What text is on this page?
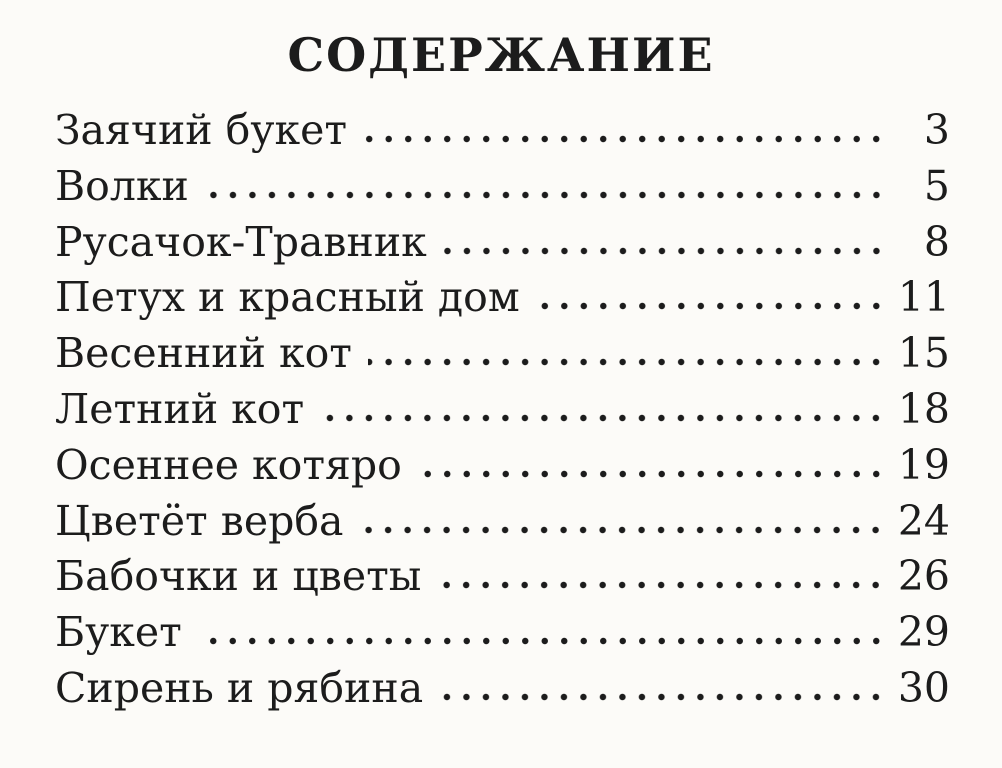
СОДЕРЖАНИЕ
Заячий букет	3
Волки	5
Русачок-Травник	8
Петух и красный дом	11
Весенний кот	15
Летний кот	18
Осеннее котяро	19
Цветёт верба	24
Бабочки и цветы	26
Букет	29
Сирень и рябина	30
